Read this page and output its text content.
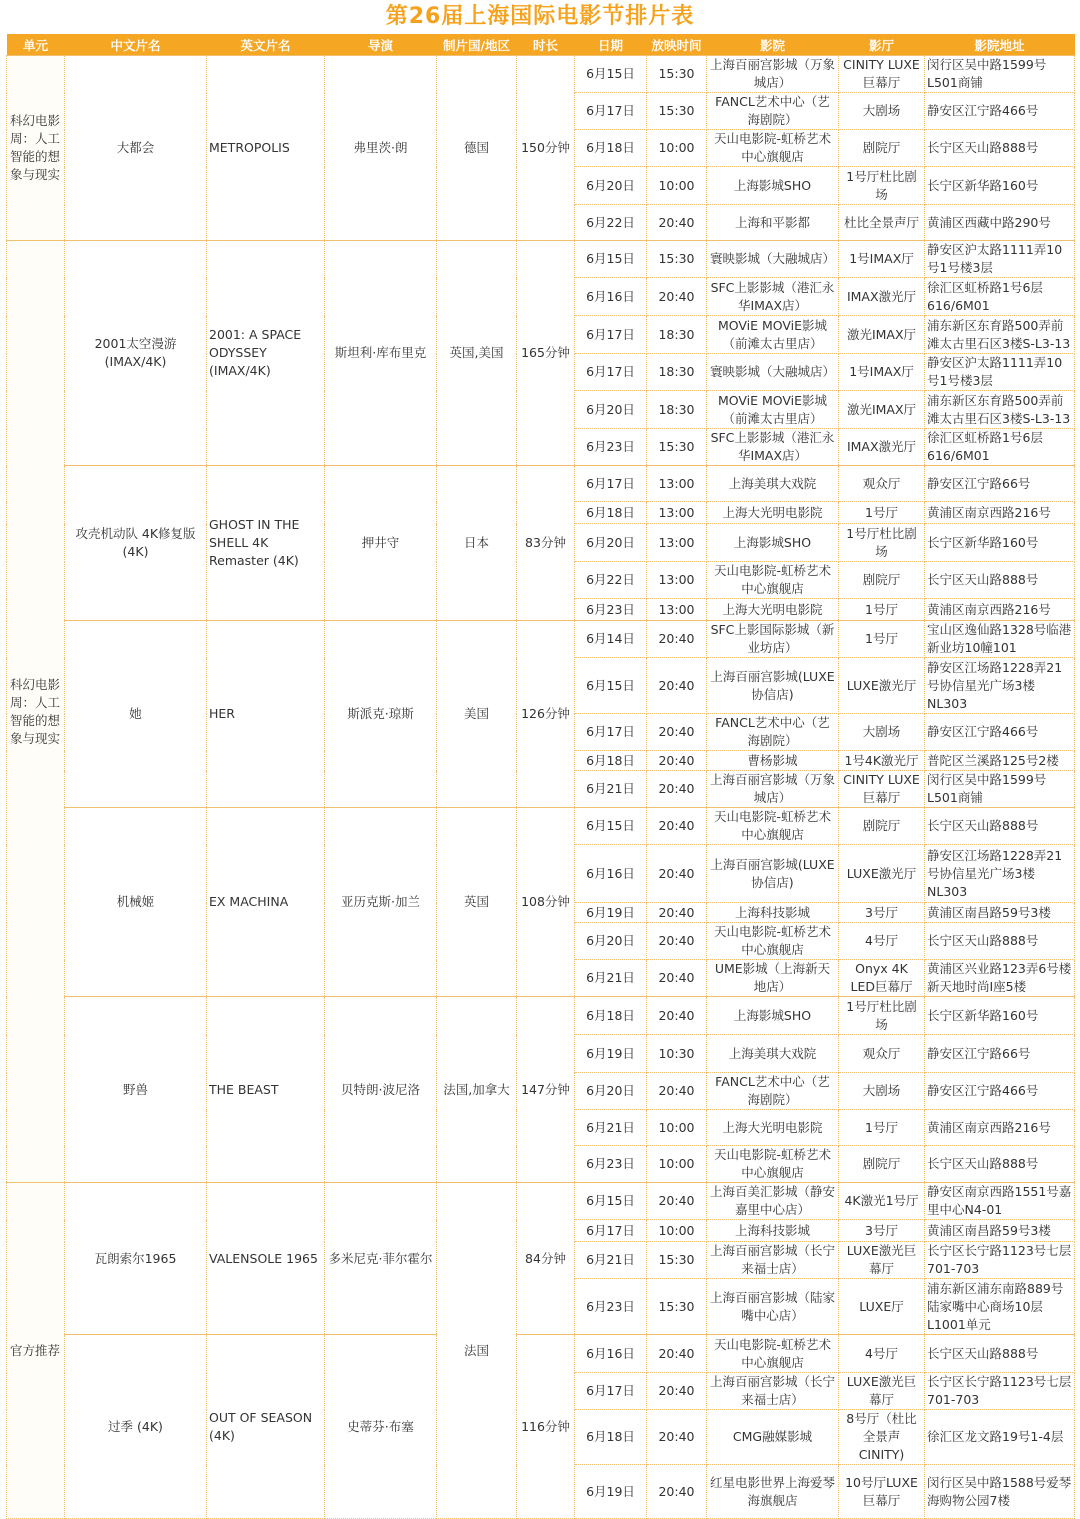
第26届上海国际电影节排片表
单元	中文片名	英文片名	导演	制片国/地区	时长	日期	放映时间	影院	影厅	影院地址
科幻电影周：人工智能的想象与现实	大都会	METROPOLIS	弗里茨·朗	德国	150分钟	6月15日	15:30	上海百丽宫影城（万象城店）	CINITY LUXE巨幕厅	闵行区吴中路1599号L501商铺
						6月17日	15:30	FANCL艺术中心（艺海剧院）	大剧场	静安区江宁路466号
						6月18日	10:00	天山电影院-虹桥艺术中心旗舰店	剧院厅	长宁区天山路888号
						6月20日	10:00	上海影城SHO	1号厅杜比剧场	长宁区新华路160号
						6月22日	20:40	上海和平影都	杜比全景声厅	黄浦区西藏中路290号
科幻电影周：人工智能的想象与现实	2001太空漫游(IMAX/4K)	2001: A SPACE ODYSSEY (IMAX/4K)	斯坦利·库布里克	英国,美国	165分钟	6月15日	15:30	寰映影城（大融城店）	1号IMAX厅	静安区沪太路1111弄10号1号楼3层
						6月16日	20:40	SFC上影影城（港汇永华IMAX店）	IMAX激光厅	徐汇区虹桥路1号6层616/6M01
						6月17日	18:30	MOViE MOViE影城（前滩太古里店）	激光IMAX厅	浦东新区东育路500弄前滩太古里石区3楼S-L3-13
						6月17日	18:30	寰映影城（大融城店）	1号IMAX厅	静安区沪太路1111弄10号1号楼3层
						6月20日	18:30	MOViE MOViE影城（前滩太古里店）	激光IMAX厅	浦东新区东育路500弄前滩太古里石区3楼S-L3-13
						6月23日	15:30	SFC上影影城（港汇永华IMAX店）	IMAX激光厅	徐汇区虹桥路1号6层616/6M01
	攻壳机动队 4K修复版(4K)	GHOST IN THE SHELL 4K Remaster (4K)	押井守	日本	83分钟	6月17日	13:00	上海美琪大戏院	观众厅	静安区江宁路66号
						6月18日	13:00	上海大光明电影院	1号厅	黄浦区南京西路216号
						6月20日	13:00	上海影城SHO	1号厅杜比剧场	长宁区新华路160号
						6月22日	13:00	天山电影院-虹桥艺术中心旗舰店	剧院厅	长宁区天山路888号
						6月23日	13:00	上海大光明电影院	1号厅	黄浦区南京西路216号
	她	HER	斯派克·琼斯	美国	126分钟	6月14日	20:40	SFC上影国际影城（新业坊店）	1号厅	宝山区逸仙路1328号临港新业坊10幢101
						6月15日	20:40	上海百丽宫影城(LUXE协信店)	LUXE激光厅	静安区江场路1228弄21号协信星光广场3楼NL303
						6月17日	20:40	FANCL艺术中心（艺海剧院）	大剧场	静安区江宁路466号
						6月18日	20:40	曹杨影城	1号4K激光厅	普陀区兰溪路125号2楼
						6月21日	20:40	上海百丽宫影城（万象城店）	CINITY LUXE巨幕厅	闵行区吴中路1599号L501商铺
	机械姬	EX MACHINA	亚历克斯·加兰	英国	108分钟	6月15日	20:40	天山电影院-虹桥艺术中心旗舰店	剧院厅	长宁区天山路888号
						6月16日	20:40	上海百丽宫影城(LUXE协信店)	LUXE激光厅	静安区江场路1228弄21号协信星光广场3楼NL303
						6月19日	20:40	上海科技影城	3号厅	黄浦区南昌路59号3楼
						6月20日	20:40	天山电影院-虹桥艺术中心旗舰店	4号厅	长宁区天山路888号
						6月21日	20:40	UME影城（上海新天地店）	Onyx 4K LED巨幕厅	黄浦区兴业路123弄6号楼新天地时尚I座5楼
	野兽	THE BEAST	贝特朗·波尼洛	法国,加拿大	147分钟	6月18日	20:40	上海影城SHO	1号厅杜比剧场	长宁区新华路160号
						6月19日	10:30	上海美琪大戏院	观众厅	静安区江宁路66号
						6月20日	20:40	FANCL艺术中心（艺海剧院）	大剧场	静安区江宁路466号
						6月21日	10:00	上海大光明电影院	1号厅	黄浦区南京西路216号
						6月23日	10:00	天山电影院-虹桥艺术中心旗舰店	剧院厅	长宁区天山路888号
官方推荐	瓦朗索尔1965	VALENSOLE 1965	多米尼克·菲尔霍尔	法国	84分钟	6月15日	20:40	上海百美汇影城（静安嘉里中心店）	4K激光1号厅	静安区南京西路1551号嘉里中心N4-01
						6月17日	10:00	上海科技影城	3号厅	黄浦区南昌路59号3楼
						6月21日	15:30	上海百丽宫影城（长宁来福士店）	LUXE激光巨幕厅	长宁区长宁路1123号七层701-703
						6月23日	15:30	上海百丽宫影城（陆家嘴中心店）	LUXE厅	浦东新区浦东南路889号陆家嘴中心商场10层L1001单元
	过季 (4K)	OUT OF SEASON (4K)	史蒂芬·布塞		116分钟	6月16日	20:40	天山电影院-虹桥艺术中心旗舰店	4号厅	长宁区天山路888号
						6月17日	20:40	上海百丽宫影城（长宁来福士店）	LUXE激光巨幕厅	长宁区长宁路1123号七层701-703
						6月18日	20:40	CMG融媒影城	8号厅（杜比全景声CINITY)	徐汇区龙文路19号1-4层
						6月19日	20:40	红星电影世界上海爱琴海旗舰店	10号厅LUXE巨幕厅	闵行区吴中路1588号爱琴海购物公园7楼
